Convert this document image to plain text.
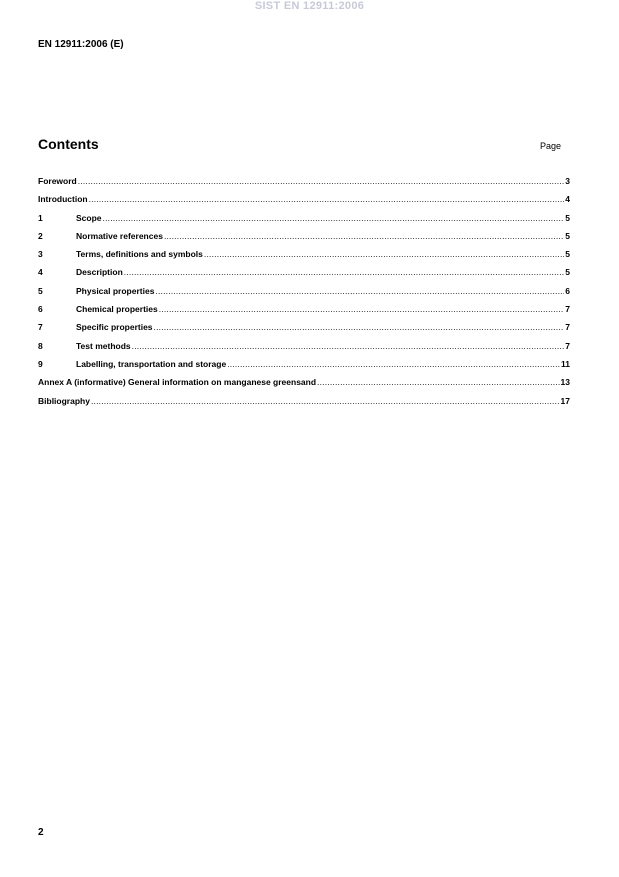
SIST EN 12911:2006
EN 12911:2006 (E)
Contents	Page
Foreword .....	3
Introduction .....	4
1	Scope .....	5
2	Normative references .....	5
3	Terms, definitions and symbols .....	5
4	Description .....	5
5	Physical properties .....	6
6	Chemical properties .....	7
7	Specific properties .....	7
8	Test methods .....	7
9	Labelling, transportation and storage .....	11
Annex A (informative) General information on manganese greensand .....	13
Bibliography .....	17
2
